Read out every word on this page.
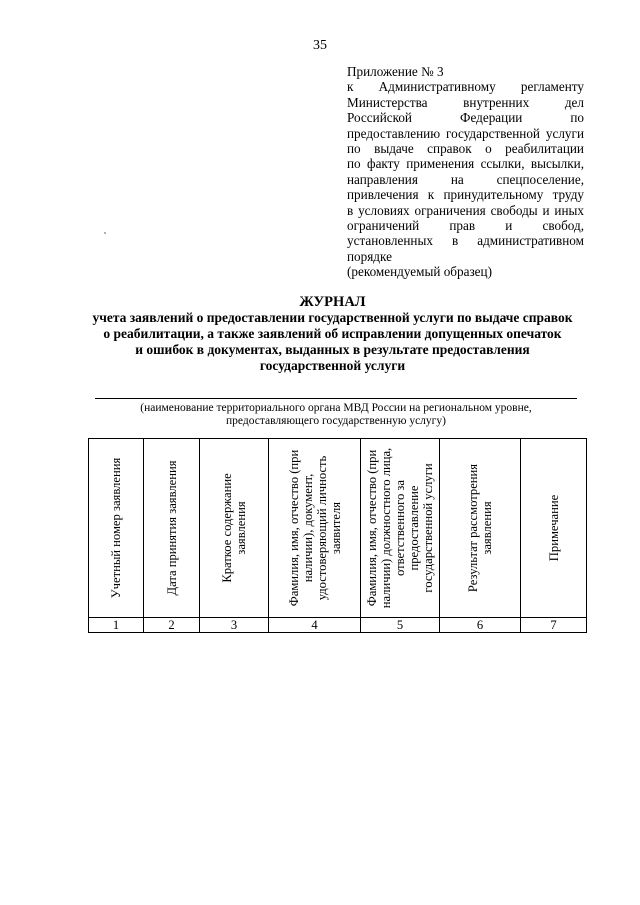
35
Приложение № 3
к Административному регламенту
Министерства внутренних дел
Российской Федерации по
предоставлению государственной услуги
по выдаче справок о реабилитации
по факту применения ссылки, высылки,
направления на спецпоселение,
привлечения к принудительному труду
в условиях ограничения свободы и иных
ограничений прав и свобод,
установленных в административном
порядке
(рекомендуемый образец)
ЖУРНАЛ
учета заявлений о предоставлении государственной услуги по выдаче справок
о реабилитации, а также заявлений об исправлении допущенных опечаток
и ошибок в документах, выданных в результате предоставления
государственной услуги
(наименование территориального органа МВД России на региональном уровне,
предоставляющего государственную услугу)
Учетный номер заявления	Дата принятия заявления	Краткое содержание заявления	Фамилия, имя, отчество (при наличии), документ, удостоверяющий личность заявителя	Фамилия, имя, отчество (при наличии) должностного лица, ответственного за предоставление государственной услуги	Результат рассмотрения заявления	Примечание

1	2	3	4	5	6	7
